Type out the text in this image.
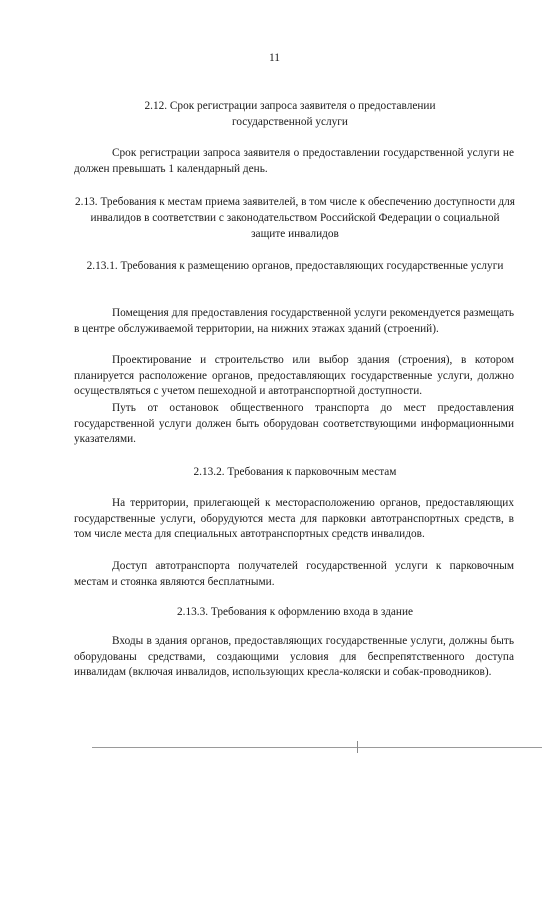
11
2.12. Срок регистрации запроса заявителя о предоставлении государственной услуги

Срок регистрации запроса заявителя о предоставлении государственной услуги не должен превышать 1 календарный день.

2.13. Требования к местам приема заявителей, в том числе к обеспечению доступности для инвалидов в соответствии с законодательством Российской Федерации о социальной защите инвалидов
2.13.1. Требования к размещению органов, предоставляющих государственные услуги

Помещения для предоставления государственной услуги рекомендуется размещать в центре обслуживаемой территории, на нижних этажах зданий (строений).

Проектирование и строительство или выбор здания (строения), в котором планируется расположение органов, предоставляющих государственные услуги, должно осуществляться с учетом пешеходной и автотранспортной доступности.

Путь от остановок общественного транспорта до мест предоставления государственной услуги должен быть оборудован соответствующими информационными указателями.

2.13.2. Требования к парковочным местам

На территории, прилегающей к месторасположению органов, предоставляющих государственные услуги, оборудуются места для парковки автотранспортных средств, в том числе места для специальных автотранспортных средств инвалидов.

Доступ автотранспорта получателей государственной услуги к парковочным местам и стоянка являются бесплатными.

2.13.3. Требования к оформлению входа в здание

Входы в здания органов, предоставляющих государственные услуги, должны быть оборудованы средствами, создающими условия для беспрепятственного доступа инвалидам (включая инвалидов, использующих кресла-коляски и собак-проводников).
